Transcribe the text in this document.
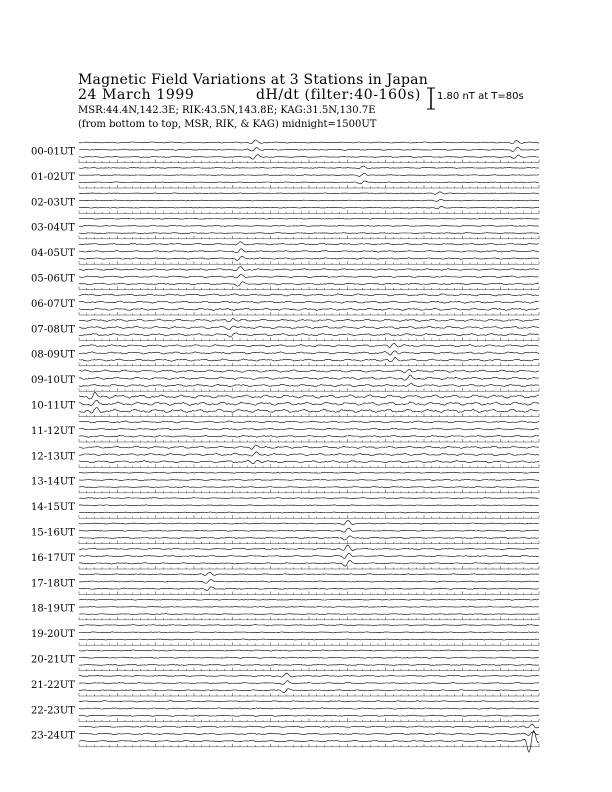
Magnetic Field Variations at 3 Stations in Japan
24 March 1999	dH/dt (filter:40-160s)
MSR:44.4N,142.3E; RIK:43.5N,143.8E; KAG:31.5N,130.7E
(from bottom to top, MSR, RIK, & KAG) midnight=1500UT
1.80 nT at T=80s
00-01UT
01-02UT
02-03UT
03-04UT
04-05UT
05-06UT
06-07UT
07-08UT
08-09UT
09-10UT
10-11UT
11-12UT
12-13UT
13-14UT
14-15UT
15-16UT
16-17UT
17-18UT
18-19UT
19-20UT
20-21UT
21-22UT
22-23UT
23-24UT
